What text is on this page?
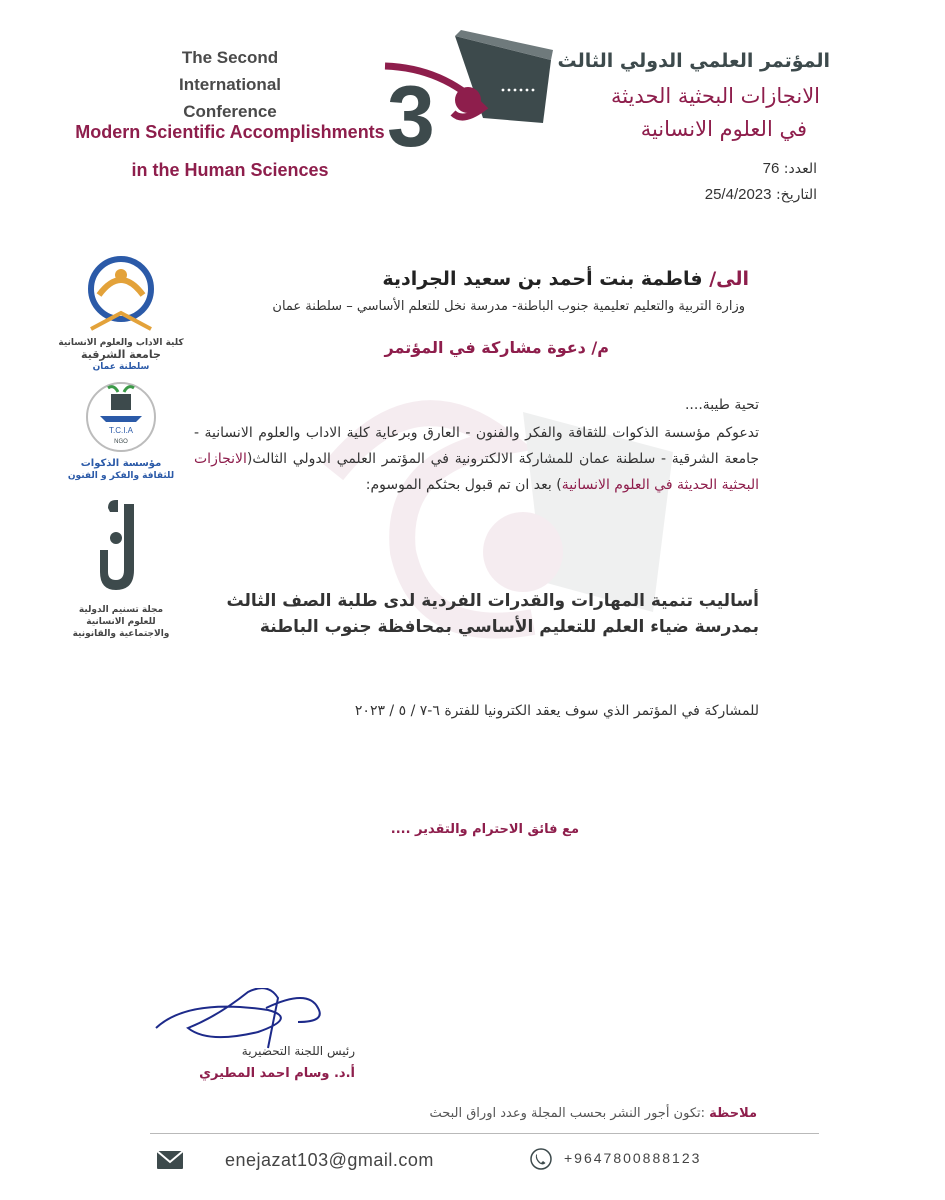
The Second
International Conference
Modern Scientific Accomplishments
in the Human Sciences
3
المؤتمر العلمي الدولي الثالث
الانجازات البحثية الحديثة
في العلوم الانسانية
العدد: 76
التاريخ: 25/4/2023
كلية الاداب والعلوم الانسانية
جامعة الشرقية
سلطنة عمان
T.C.I.A
NGO
مؤسسة الذكوات
للثقافة والفكر و الفنون
مجلة تسنيم الدولية
للعلوم الانسانية
والاجتماعية والقانونية
الى/ فاطمة بنت أحمد بن سعيد الجرادية
وزارة التربية والتعليم تعليمية جنوب الباطنة- مدرسة نخل للتعلم الأساسي – سلطنة عمان
م/ دعوة مشاركة في المؤتمر
تحية طيبة....
تدعوكم مؤسسة الذكوات للثقافة والفكر والفنون - العارق وبرعاية كلية الاداب والعلوم الانسانية - جامعة الشرقية - سلطنة عمان للمشاركة الالكترونية في المؤتمر العلمي الدولي الثالث(الانجازات البحثية الحديثة في العلوم الانسانية) بعد ان تم قبول بحثكم الموسوم:
أساليب تنمية المهارات والقدرات الفردية لدى طلبة الصف الثالث بمدرسة ضياء العلم للتعليم الأساسي بمحافظة جنوب الباطنة
للمشاركة في المؤتمر الذي سوف يعقد الكترونيا للفترة ٦-٧ / ٥ / ٢٠٢٣
مع فائق الاحترام والتقدير ....
رئيس اللجنة التحضيرية
أ.د. وسام احمد المطيري
ملاحظة :تكون أجور النشر بحسب المجلة وعدد اوراق البحث
enejazat103@gmail.com	+9647800888123
